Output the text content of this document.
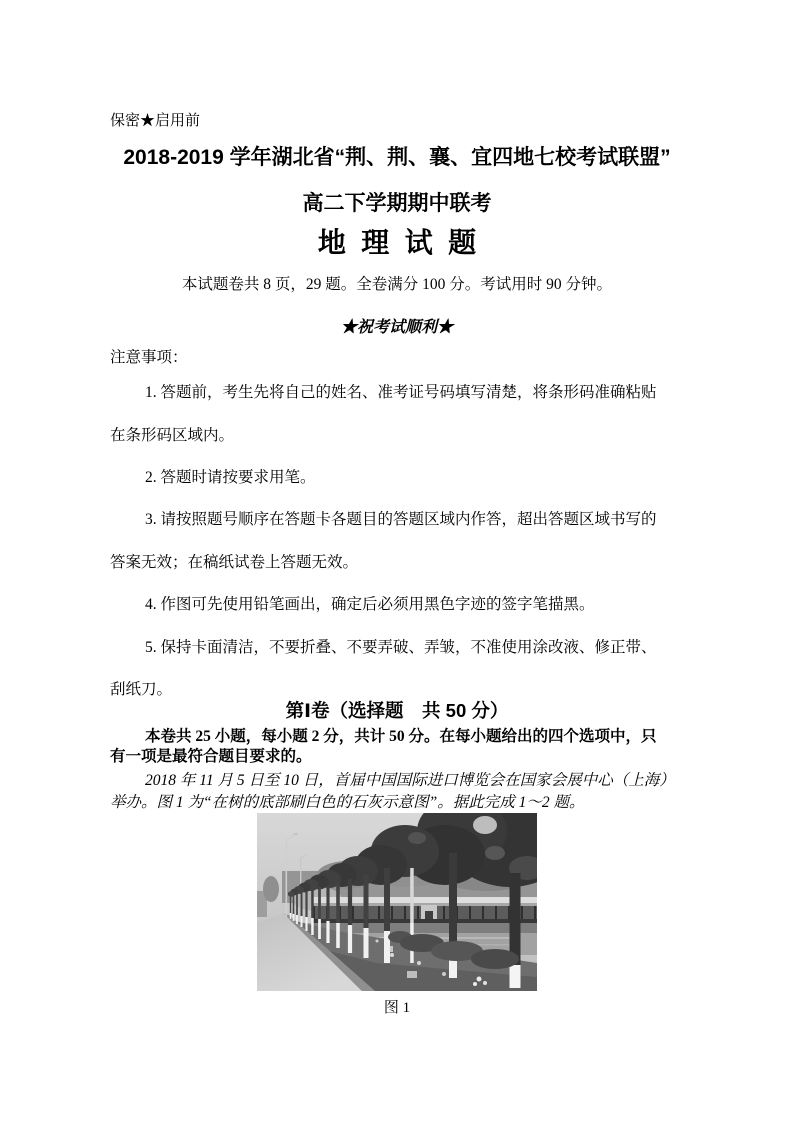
保密★启用前
2018-2019 学年湖北省“荆、荆、襄、宜四地七校考试联盟”
高二下学期期中联考
地理试题
本试题卷共 8 页，29 题。全卷满分 100 分。考试用时 90 分钟。
★祝考试顺利★
注意事项：
1. 答题前，考生先将自己的姓名、准考证号码填写清楚，将条形码准确粘贴
在条形码区域内。
2. 答题时请按要求用笔。
3. 请按照题号顺序在答题卡各题目的答题区域内作答，超出答题区域书写的
答案无效；在稿纸试卷上答题无效。
4. 作图可先使用铅笔画出，确定后必须用黑色字迹的签字笔描黑。
5. 保持卡面清洁，不要折叠、不要弄破、弄皱，不准使用涂改液、修正带、
刮纸刀。
第Ⅰ卷（选择题　共 50 分）
本卷共 25 小题，每小题 2 分，共计 50 分。在每小题给出的四个选项中，只
有一项是最符合题目要求的。
2018 年 11 月 5 日至 10 日，首届中国国际进口博览会在国家会展中心（上海）
举办。图 1 为“在树的底部刷白色的石灰示意图”。据此完成 1～2 题。
图 1
